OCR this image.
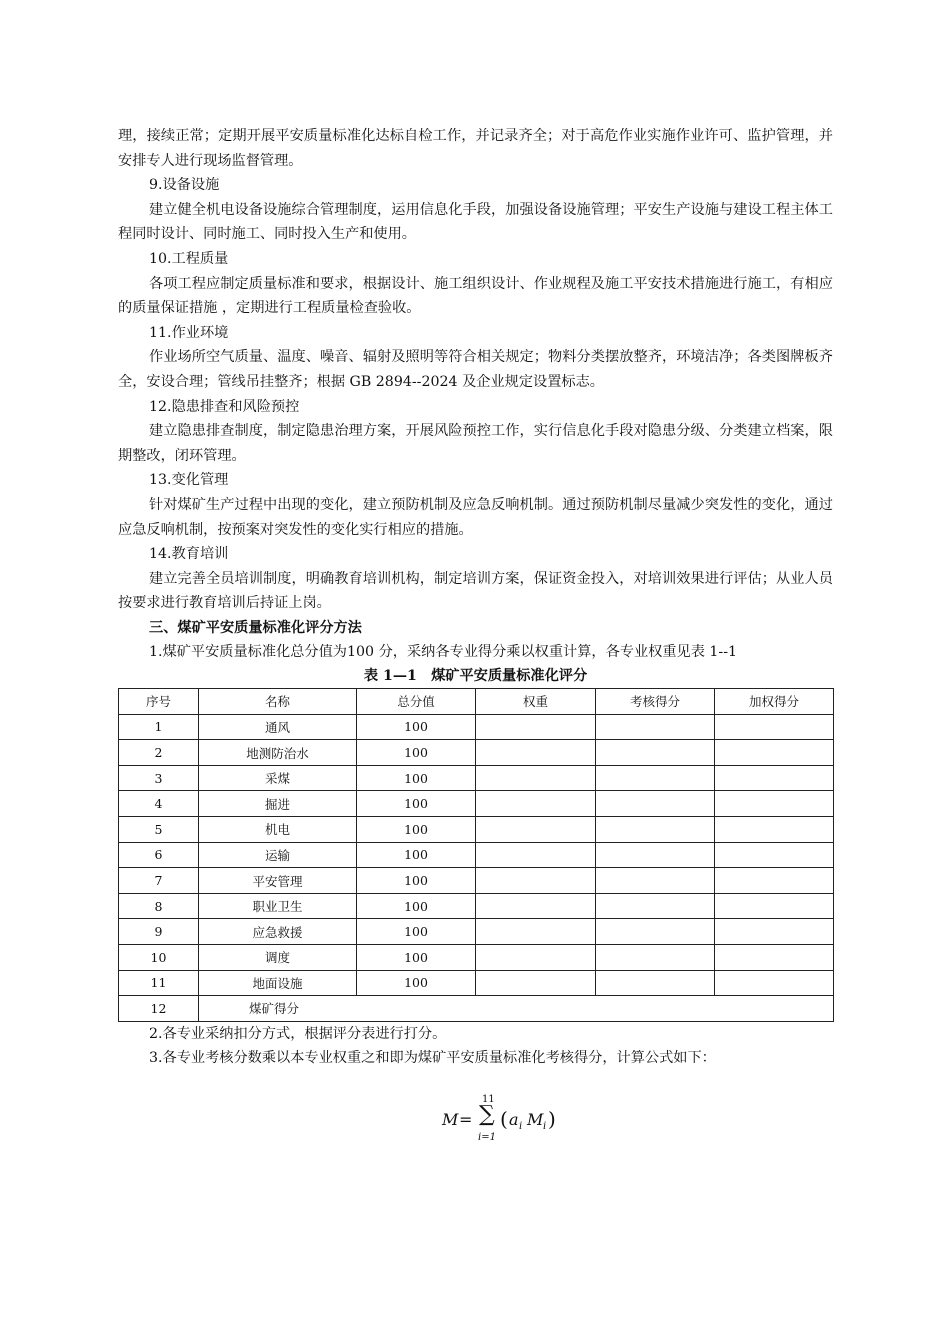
理，接续正常；定期开展平安质量标准化达标自检工作，并记录齐全；对于高危作业实施作业许可、监护管理，并安排专人进行现场监督管理。

9.设备设施

建立健全机电设备设施综合管理制度，运用信息化手段，加强设备设施管理；平安生产设施与建设工程主体工程同时设计、同时施工、同时投入生产和使用。

10.工程质量

各项工程应制定质量标准和要求，根据设计、施工组织设计、作业规程及施工平安技术措施进行施工，有相应的质量保证措施 ，定期进行工程质量检查验收。

11.作业环境

作业场所空气质量、温度、噪音、辐射及照明等符合相关规定；物料分类摆放整齐，环境洁净；各类图牌板齐全，安设合理；管线吊挂整齐；根据 GB 2894--2024 及企业规定设置标志。

12.隐患排查和风险预控

建立隐患排查制度，制定隐患治理方案，开展风险预控工作，实行信息化手段对隐患分级、分类建立档案，限期整改，闭环管理。

13.变化管理

针对煤矿生产过程中出现的变化，建立预防机制及应急反响机制。通过预防机制尽量减少突发性的变化，通过应急反响机制，按预案对突发性的变化实行相应的措施。

14.教育培训

建立完善全员培训制度，明确教育培训机构，制定培训方案，保证资金投入，对培训效果进行评估；从业人员按要求进行教育培训后持证上岗。

三、煤矿平安质量标准化评分方法

1.煤矿平安质量标准化总分值为100 分，采纳各专业得分乘以权重计算，各专业权重见表 1--1

表 1—1　煤矿平安质量标准化评分

序号	名称	总分值	权重	考核得分	加权得分
1	通风	100			
2	地测防治水	100			
3	采煤	100			
4	掘进	100			
5	机电	100			
6	运输	100			
7	平安管理	100			
8	职业卫生	100			
9	应急救援	100			
10	调度	100			
11	地面设施	100			
12	煤矿得分				

2.各专业采纳扣分方式，根据评分表进行打分。

3.各专业考核分数乘以本专业权重之和即为煤矿平安质量标准化考核得分，计算公式如下：

M =
11
∑
i=1
( a i M i )
